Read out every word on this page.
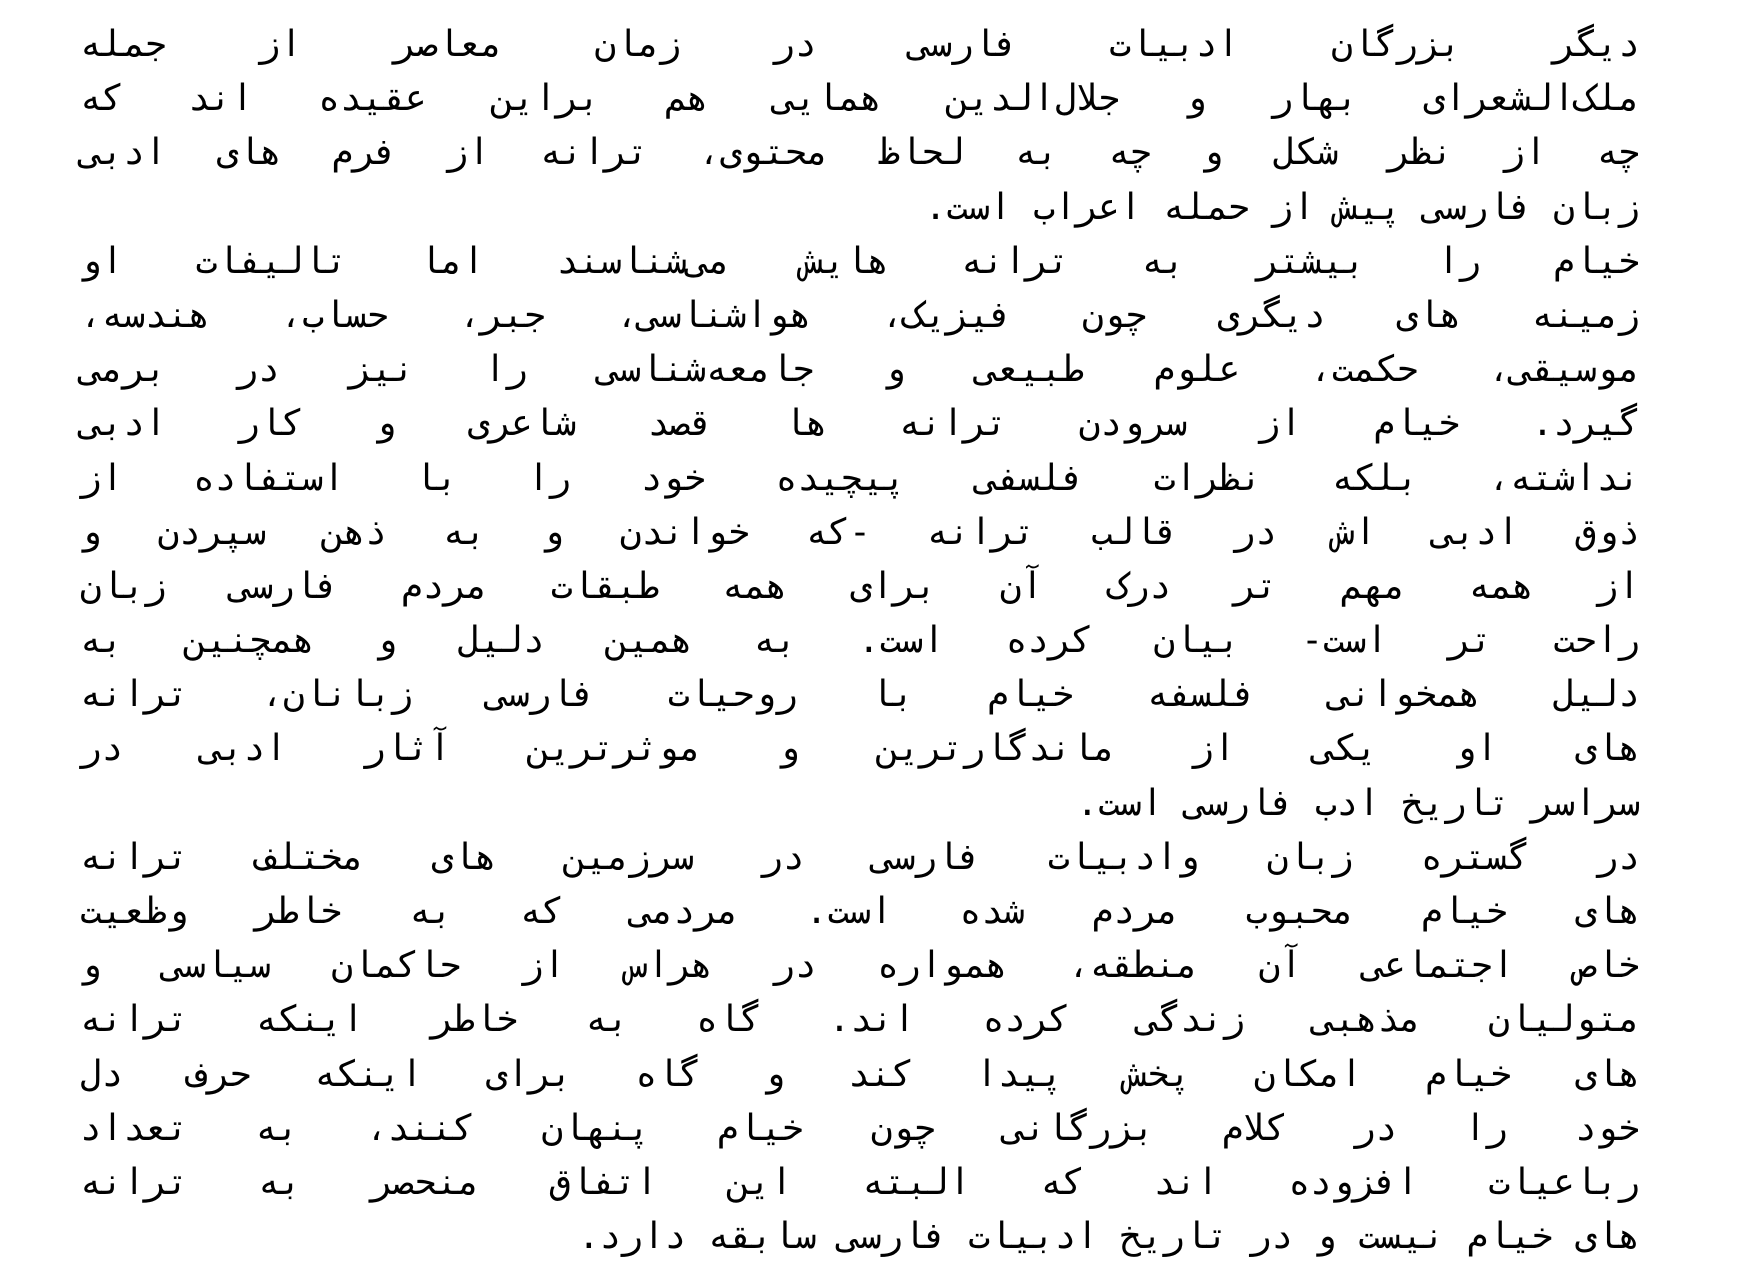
دیگر بزرگان ادبیات فارسی در زمان معاصر از جمله
ملک‌الشعرای بهار و جلال‌الدین همایی هم براین عقیده اند که
چه از نظر شکل و چه به لحاظ محتوی، ترانه از فرم های ادبی
زبان فارسی پیش از حمله اعراب است.
خیام را بیشتر به ترانه هایش می‌شناسند اما تالیفات او
زمینه های دیگری چون فیزیک، هواشناسی، جبر، حساب، هندسه،
موسیقی، حکمت، علوم طبیعی و جامعه‌شناسی را نیز در برمی
گیرد. خیام از سرودن ترانه ها قصد شاعری و کار ادبی
نداشته، بلکه نظرات فلسفی پیچیده خود را با استفاده از
ذوق ادبی اش در قالب ترانه -که خواندن و به ذهن سپردن و
از همه مهم تر درک آن برای همه طبقات مردم فارسی زبان
راحت تر است- بیان کرده است. به همین دلیل و همچنین به
دلیل همخوانی فلسفه خیام با روحیات فارسی زبانان، ترانه
های او یکی از ماندگارترین و موثرترین آثار ادبی در
سراسر تاریخ ادب فارسی است.
در گستره زبان وادبیات فارسی در سرزمین های مختلف ترانه
های خیام محبوب مردم شده است. مردمی که به خاطر وظعیت
خاص اجتماعی آن منطقه، همواره در هراس از حاکمان سیاسی و
متولیان مذهبی زندگی کرده اند. گاه به خاطر اینکه ترانه
های خیام امکان پخش پیدا کند و گاه برای اینکه حرف دل
خود را در کلام بزرگانی چون خیام پنهان کنند، به تعداد
رباعیات افزوده اند که البته این اتفاق منحصر به ترانه
های خیام نیست و در تاریخ ادبیات فارسی سابقه دارد.
